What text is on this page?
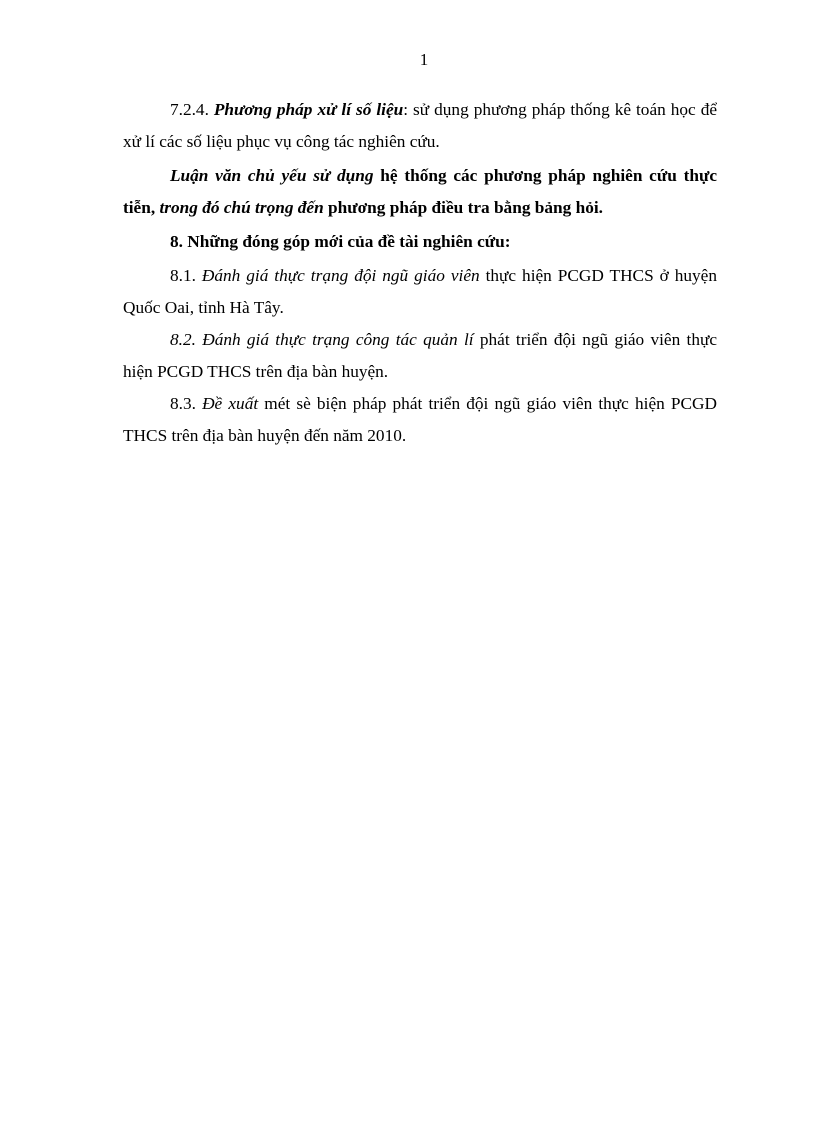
1

7.2.4. Phương pháp xử lí số liệu: sử dụng phương pháp thống kê toán học để xử lí các số liệu phục vụ công tác nghiên cứu.

Luận văn chủ yếu sử dụng hệ thống các phương pháp nghiên cứu thực tiễn, trong đó chú trọng đến phương pháp điều tra bằng bảng hỏi.

8. Những đóng góp mới của đề tài nghiên cứu:

8.1. Đánh giá thực trạng đội ngũ giáo viên thực hiện PCGD THCS ở huyện Quốc Oai, tỉnh Hà Tây.

8.2. Đánh giá thực trạng công tác quản lí phát triển đội ngũ giáo viên thực hiện PCGD THCS trên địa bàn huyện.

8.3. Đề xuất mét sè biện pháp phát triển đội ngũ giáo viên thực hiện PCGD THCS trên địa bàn huyện đến năm 2010.
